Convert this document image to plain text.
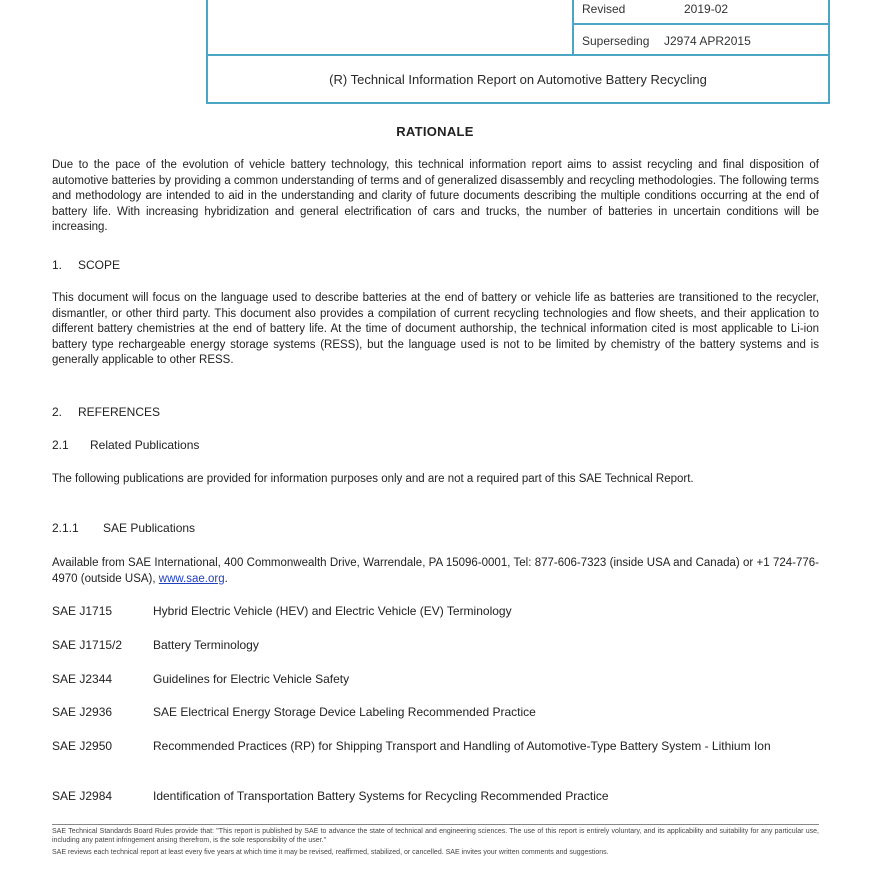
Revised	2019-02
Superseding J2974 APR2015
(R) Technical Information Report on Automotive Battery Recycling
RATIONALE

Due to the pace of the evolution of vehicle battery technology, this technical information report aims to assist recycling and final disposition of automotive batteries by providing a common understanding of terms and of generalized disassembly and recycling methodologies. The following terms and methodology are intended to aid in the understanding and clarity of future documents describing the multiple conditions occurring at the end of battery life. With increasing hybridization and general electrification of cars and trucks, the number of batteries in uncertain conditions will be increasing.

1. SCOPE

This document will focus on the language used to describe batteries at the end of battery or vehicle life as batteries are transitioned to the recycler, dismantler, or other third party. This document also provides a compilation of current recycling technologies and flow sheets, and their application to different battery chemistries at the end of battery life. At the time of document authorship, the technical information cited is most applicable to Li-ion battery type rechargeable energy storage systems (RESS), but the language used is not to be limited by chemistry of the battery systems and is generally applicable to other RESS.

2. REFERENCES
2.1 Related Publications

The following publications are provided for information purposes only and are not a required part of this SAE Technical Report.

2.1.1 SAE Publications

Available from SAE International, 400 Commonwealth Drive, Warrendale, PA 15096-0001, Tel: 877-606-7323 (inside USA and Canada) or +1 724-776-4970 (outside USA), www.sae.org.

SAE J1715	Hybrid Electric Vehicle (HEV) and Electric Vehicle (EV) Terminology
SAE J1715/2	Battery Terminology
SAE J2344	Guidelines for Electric Vehicle Safety
SAE J2936	SAE Electrical Energy Storage Device Labeling Recommended Practice
SAE J2950	Recommended Practices (RP) for Shipping Transport and Handling of Automotive-Type Battery System - Lithium Ion
SAE J2984	Identification of Transportation Battery Systems for Recycling Recommended Practice

SAE Technical Standards Board Rules provide that: "This report is published by SAE to advance the state of technical and engineering sciences. The use of this report is entirely voluntary, and its applicability and suitability for any particular use, including any patent infringement arising therefrom, is the sole responsibility of the user."

SAE reviews each technical report at least every five years at which time it may be revised, reaffirmed, stabilized, or cancelled. SAE invites your written comments and suggestions.
